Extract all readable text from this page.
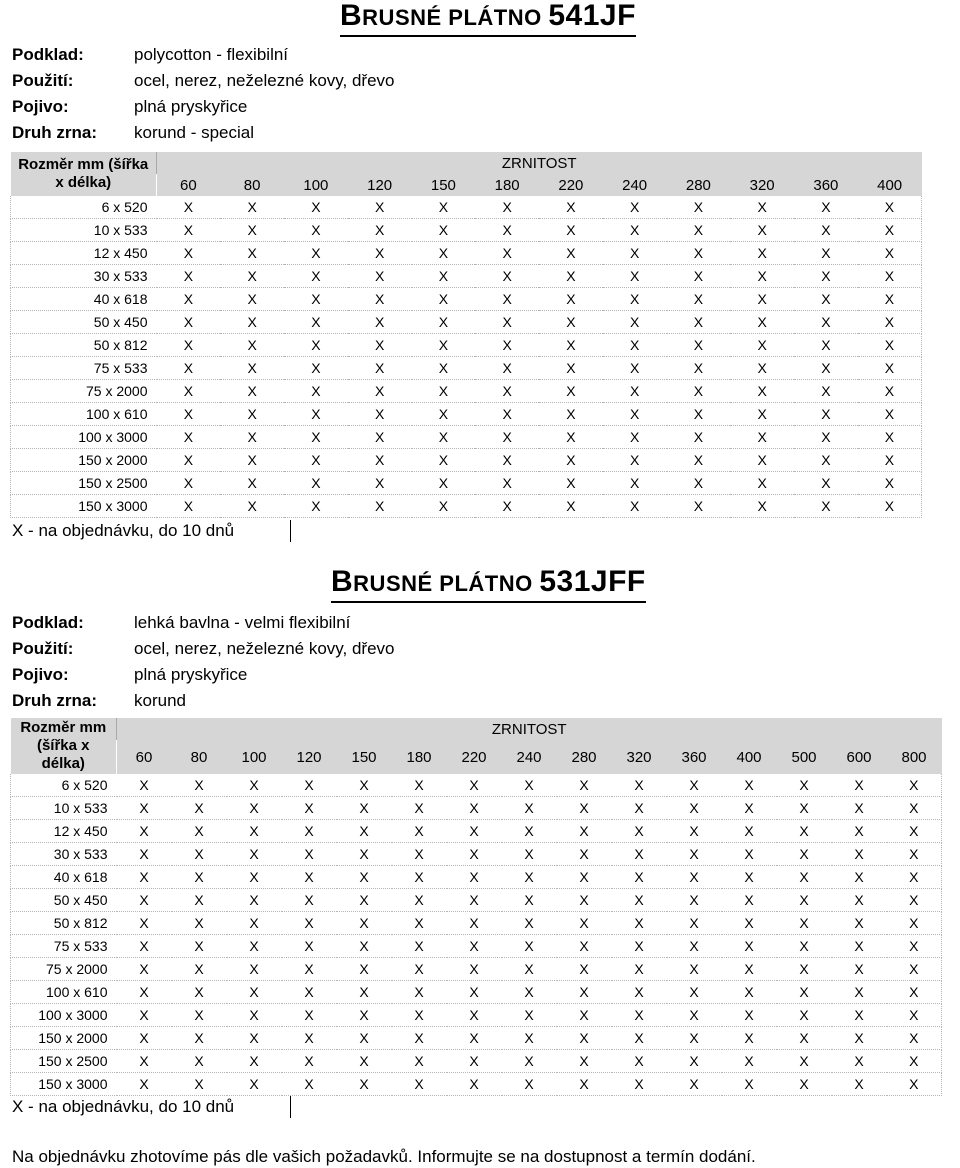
BRUSNÉ PLÁTNO 541JF
Podklad:	polycotton - flexibilní
Použití:	ocel, nerez, neželezné kovy, dřevo
Pojivo:	plná pryskyřice
Druh zrna:	korund - special
Rozměr mm (šířka
x délka)	ZRNITOST											
	60	80	100	120	150	180	220	240	280	320	360	400
6 x 520	X	X	X	X	X	X	X	X	X	X	X	X
10 x 533	X	X	X	X	X	X	X	X	X	X	X	X
12 x 450	X	X	X	X	X	X	X	X	X	X	X	X
30 x 533	X	X	X	X	X	X	X	X	X	X	X	X
40 x 618	X	X	X	X	X	X	X	X	X	X	X	X
50 x 450	X	X	X	X	X	X	X	X	X	X	X	X
50 x 812	X	X	X	X	X	X	X	X	X	X	X	X
75 x 533	X	X	X	X	X	X	X	X	X	X	X	X
75 x 2000	X	X	X	X	X	X	X	X	X	X	X	X
100 x 610	X	X	X	X	X	X	X	X	X	X	X	X
100 x 3000	X	X	X	X	X	X	X	X	X	X	X	X
150 x 2000	X	X	X	X	X	X	X	X	X	X	X	X
150 x 2500	X	X	X	X	X	X	X	X	X	X	X	X
150 x 3000	X	X	X	X	X	X	X	X	X	X	X	X
X - na objednávku, do 10 dnů
BRUSNÉ PLÁTNO 531JFF
Podklad:	lehká bavlna - velmi flexibilní
Použití:	ocel, nerez, neželezné kovy, dřevo
Pojivo:	plná pryskyřice
Druh zrna:	korund
Rozměr mm
(šířka x
délka)	ZRNITOST														
	60	80	100	120	150	180	220	240	280	320	360	400	500	600	800
6 x 520	X	X	X	X	X	X	X	X	X	X	X	X	X	X	X
10 x 533	X	X	X	X	X	X	X	X	X	X	X	X	X	X	X
12 x 450	X	X	X	X	X	X	X	X	X	X	X	X	X	X	X
30 x 533	X	X	X	X	X	X	X	X	X	X	X	X	X	X	X
40 x 618	X	X	X	X	X	X	X	X	X	X	X	X	X	X	X
50 x 450	X	X	X	X	X	X	X	X	X	X	X	X	X	X	X
50 x 812	X	X	X	X	X	X	X	X	X	X	X	X	X	X	X
75 x 533	X	X	X	X	X	X	X	X	X	X	X	X	X	X	X
75 x 2000	X	X	X	X	X	X	X	X	X	X	X	X	X	X	X
100 x 610	X	X	X	X	X	X	X	X	X	X	X	X	X	X	X
100 x 3000	X	X	X	X	X	X	X	X	X	X	X	X	X	X	X
150 x 2000	X	X	X	X	X	X	X	X	X	X	X	X	X	X	X
150 x 2500	X	X	X	X	X	X	X	X	X	X	X	X	X	X	X
150 x 3000	X	X	X	X	X	X	X	X	X	X	X	X	X	X	X
X - na objednávku, do 10 dnů
Na objednávku zhotovíme pás dle vašich požadavků. Informujte se na dostupnost a termín dodání.
